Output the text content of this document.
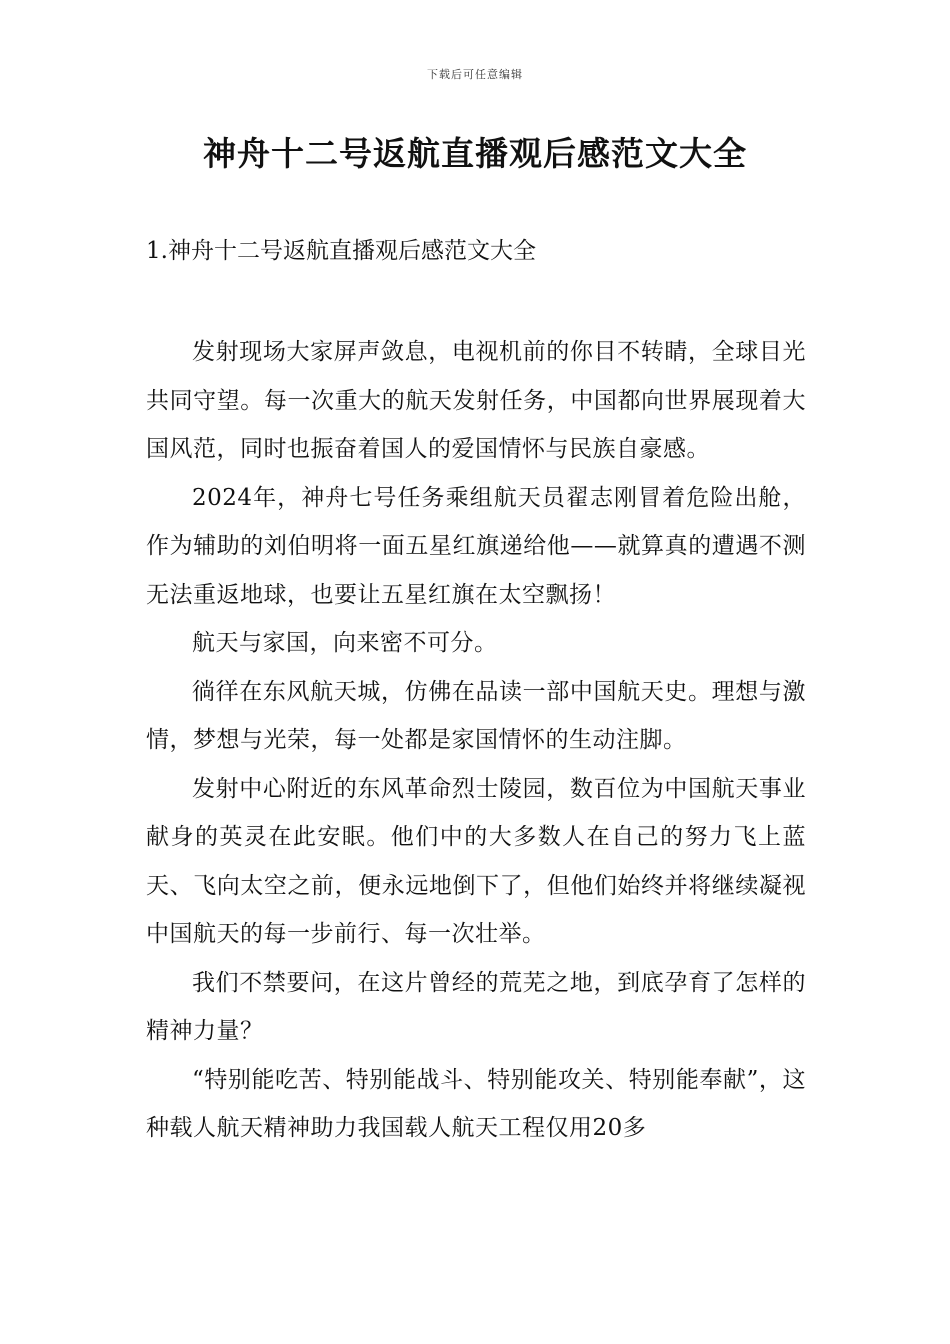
下载后可任意编辑
神舟十二号返航直播观后感范文大全
1.神舟十二号返航直播观后感范文大全

发射现场大家屏声敛息，电视机前的你目不转睛，全球目光共同守望。每一次重大的航天发射任务，中国都向世界展现着大国风范，同时也振奋着国人的爱国情怀与民族自豪感。

2024年，神舟七号任务乘组航天员翟志刚冒着危险出舱，作为辅助的刘伯明将一面五星红旗递给他——就算真的遭遇不测无法重返地球，也要让五星红旗在太空飘扬！

航天与家国，向来密不可分。

徜徉在东风航天城，仿佛在品读一部中国航天史。理想与激情，梦想与光荣，每一处都是家国情怀的生动注脚。

发射中心附近的东风革命烈士陵园，数百位为中国航天事业献身的英灵在此安眠。他们中的大多数人在自己的努力飞上蓝天、飞向太空之前，便永远地倒下了，但他们始终并将继续凝视中国航天的每一步前行、每一次壮举。

我们不禁要问，在这片曾经的荒芜之地，到底孕育了怎样的精神力量？

“特别能吃苦、特别能战斗、特别能攻关、特别能奉献”，这种载人航天精神助力我国载人航天工程仅用20多
